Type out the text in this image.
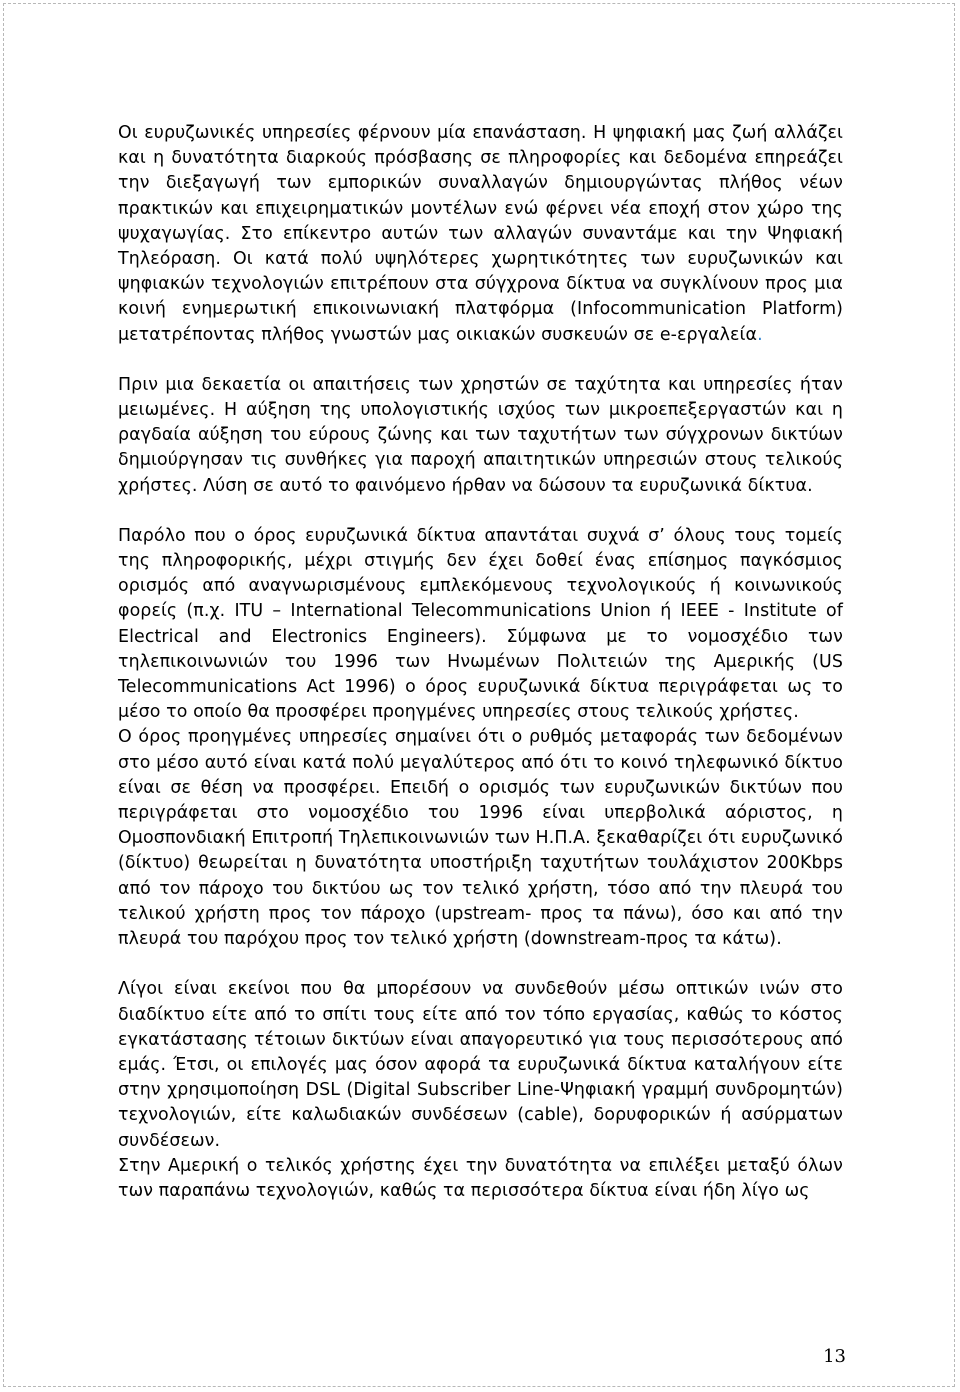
Οι ευρυζωνικές υπηρεσίες φέρνουν μία επανάσταση. Η ψηφιακή μας ζωή αλλάζει και η δυνατότητα διαρκούς πρόσβασης σε πληροφορίες και δεδομένα επηρεάζει την διεξαγωγή των εμπορικών συναλλαγών δημιουργώντας πλήθος νέων πρακτικών και επιχειρηματικών μοντέλων ενώ φέρνει νέα εποχή στον χώρο της ψυχαγωγίας. Στο επίκεντρο αυτών των αλλαγών συναντάμε και την Ψηφιακή Τηλεόραση. Οι κατά πολύ υψηλότερες χωρητικότητες των ευρυζωνικών και ψηφιακών τεχνολογιών επιτρέπουν στα σύγχρονα δίκτυα να συγκλίνουν προς μια κοινή ενημερωτική επικοινωνιακή πλατφόρμα (Infocommunication Platform) μετατρέποντας πλήθος γνωστών μας οικιακών συσκευών σε e-εργαλεία.

Πριν μια δεκαετία οι απαιτήσεις των χρηστών σε ταχύτητα και υπηρεσίες ήταν μειωμένες. Η αύξηση της υπολογιστικής ισχύος των μικροεπεξεργαστών και η ραγδαία αύξηση του εύρους ζώνης και των ταχυτήτων των σύγχρονων δικτύων δημιούργησαν τις συνθήκες για παροχή απαιτητικών υπηρεσιών στους τελικούς χρήστες. Λύση σε αυτό το φαινόμενο ήρθαν να δώσουν τα ευρυζωνικά δίκτυα.

Παρόλο που ο όρος ευρυζωνικά δίκτυα απαντάται συχνά σ’ όλους τους τομείς της πληροφορικής, μέχρι στιγμής δεν έχει δοθεί ένας επίσημος παγκόσμιος ορισμός από αναγνωρισμένους εμπλεκόμενους τεχνολογικούς ή κοινωνικούς φορείς (π.χ. ITU – International Telecommunications Union ή IEEE - Institute of Electrical and Electronics Engineers). Σύμφωνα με το νομοσχέδιο των τηλεπικοινωνιών του 1996 των Ηνωμένων Πολιτειών της Αμερικής (US Telecommunications Act 1996) ο όρος ευρυζωνικά δίκτυα περιγράφεται ως το μέσο το οποίο θα προσφέρει προηγμένες υπηρεσίες στους τελικούς χρήστες.

Ο όρος προηγμένες υπηρεσίες σημαίνει ότι ο ρυθμός μεταφοράς των δεδομένων στο μέσο αυτό είναι κατά πολύ μεγαλύτερος από ότι το κοινό τηλεφωνικό δίκτυο είναι σε θέση να προσφέρει. Επειδή ο ορισμός των ευρυζωνικών δικτύων που περιγράφεται στο νομοσχέδιο του 1996 είναι υπερβολικά αόριστος, η Ομοσπονδιακή Επιτροπή Τηλεπικοινωνιών των Η.Π.Α. ξεκαθαρίζει ότι ευρυζωνικό (δίκτυο) θεωρείται η δυνατότητα υποστήριξη ταχυτήτων τουλάχιστον 200Kbps από τον πάροχο του δικτύου ως τον τελικό χρήστη, τόσο από την πλευρά του τελικού χρήστη προς τον πάροχο (upstream- προς τα πάνω), όσο και από την πλευρά του παρόχου προς τον τελικό χρήστη (downstream-προς τα κάτω).

Λίγοι είναι εκείνοι που θα μπορέσουν να συνδεθούν μέσω οπτικών ινών στο διαδίκτυο είτε από το σπίτι τους είτε από τον τόπο εργασίας, καθώς το κόστος εγκατάστασης τέτοιων δικτύων είναι απαγορευτικό για τους περισσότερους από εμάς. Έτσι, οι επιλογές μας όσον αφορά τα ευρυζωνικά δίκτυα καταλήγουν είτε στην χρησιμοποίηση DSL (Digital Subscriber Line-Ψηφιακή γραμμή συνδρομητών) τεχνολογιών, είτε καλωδιακών συνδέσεων (cable), δορυφορικών ή ασύρματων συνδέσεων.

Στην Αμερική ο τελικός χρήστης έχει την δυνατότητα να επιλέξει μεταξύ όλων των παραπάνω τεχνολογιών, καθώς τα περισσότερα δίκτυα είναι ήδη λίγο ως

13
